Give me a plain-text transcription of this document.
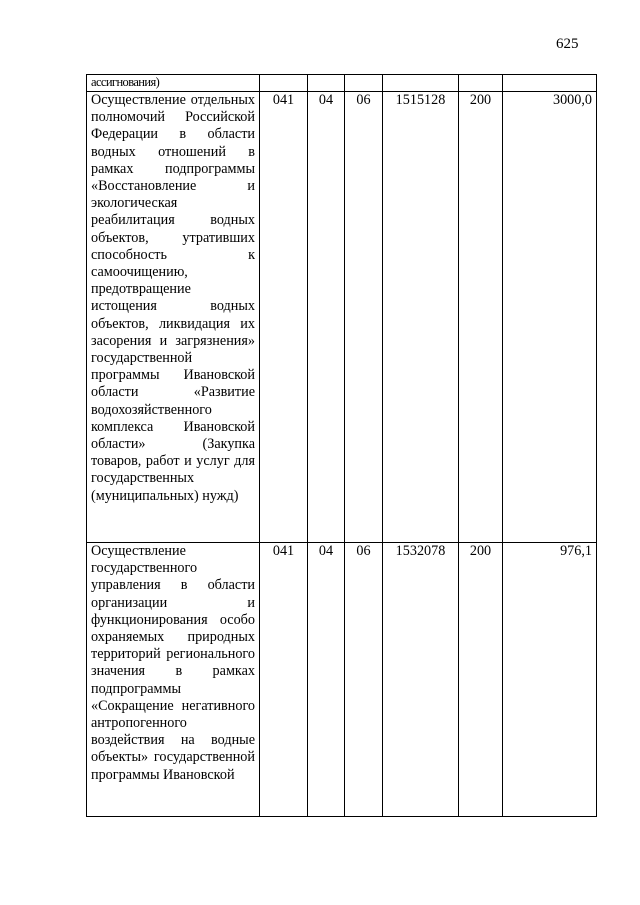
625
ассигнования)						

Осуществление отдельных полномочий Российской Федерации в области водных отношений в рамках подпрограммы «Восстановление и экологическая реабилитация водных объектов, утративших способность к самоочищению, предотвращение истощения водных объектов, ликвидация их засорения и загрязнения» государственной программы Ивановской области «Развитие водохозяйственного комплекса Ивановской области» (Закупка товаров, работ и услуг для государственных (муниципальных) нужд)	041	04	06	1515128	200	3000,0

Осуществление государственного управления в области организации и функционирования особо охраняемых природных территорий регионального значения в рамках подпрограммы «Сокращение негативного антропогенного воздействия на водные объекты» государственной программы Ивановской	041	04	06	1532078	200	976,1
